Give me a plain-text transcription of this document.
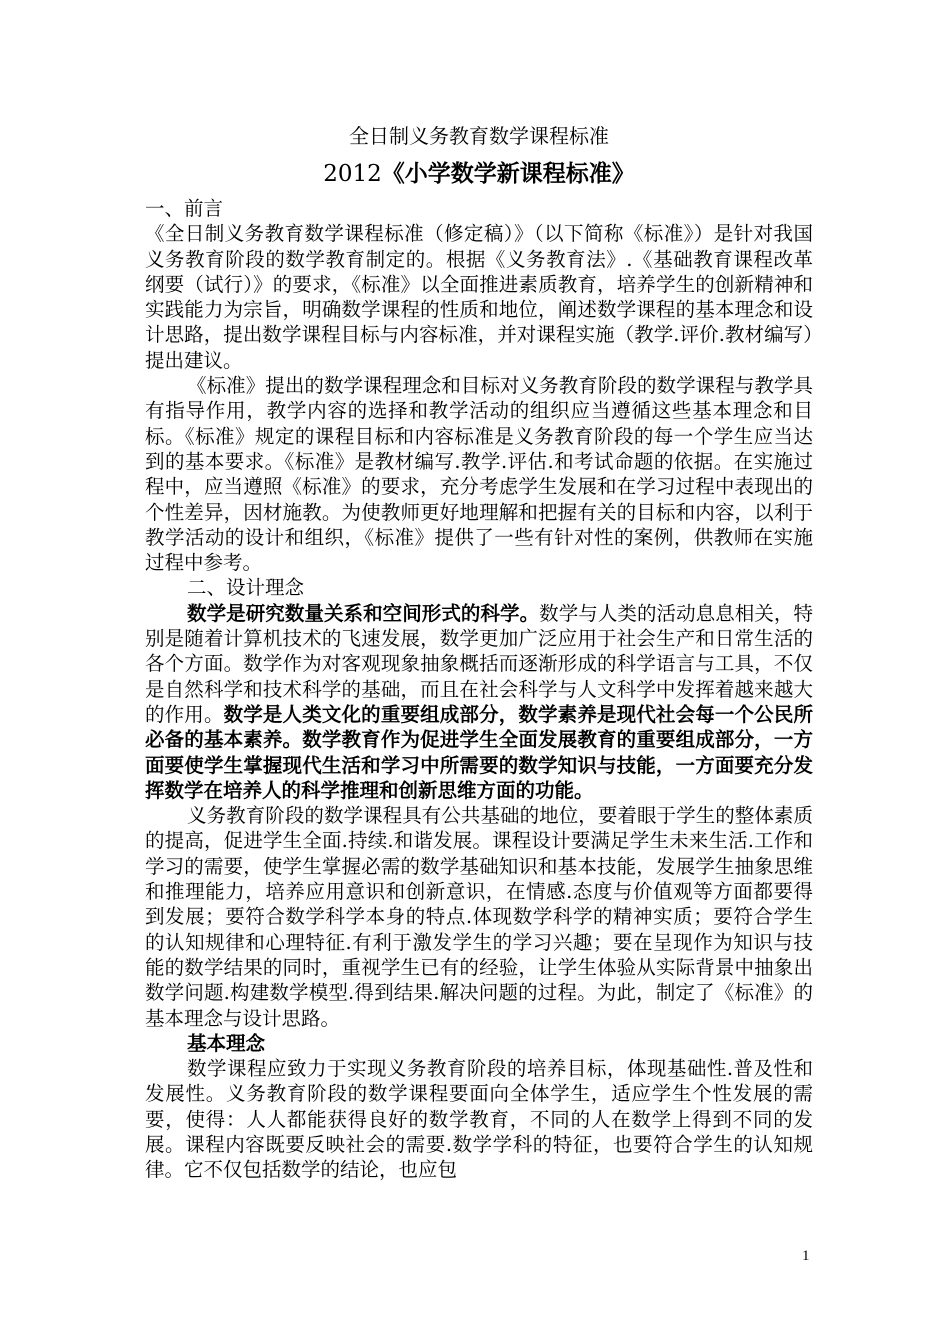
全日制义务教育数学课程标准
2012《小学数学新课程标准》

一、前言

《全日制义务教育数学课程标准（修定稿）》（以下简称《标准》）是针对我国义务教育阶段的数学教育制定的。根据《义务教育法》.《基础教育课程改革纲要（试行）》的要求，《标准》以全面推进素质教育，培养学生的创新精神和实践能力为宗旨，明确数学课程的性质和地位，阐述数学课程的基本理念和设计思路，提出数学课程目标与内容标准，并对课程实施（教学.评价.教材编写）提出建议。

《标准》提出的数学课程理念和目标对义务教育阶段的数学课程与教学具有指导作用，教学内容的选择和教学活动的组织应当遵循这些基本理念和目标。《标准》规定的课程目标和内容标准是义务教育阶段的每一个学生应当达到的基本要求。《标准》是教材编写.教学.评估.和考试命题的依据。在实施过程中，应当遵照《标准》的要求，充分考虑学生发展和在学习过程中表现出的个性差异，因材施教。为使教师更好地理解和把握有关的目标和内容，以利于教学活动的设计和组织，《标准》提供了一些有针对性的案例，供教师在实施过程中参考。

二、设计理念

数学是研究数量关系和空间形式的科学。数学与人类的活动息息相关，特别是随着计算机技术的飞速发展，数学更加广泛应用于社会生产和日常生活的各个方面。数学作为对客观现象抽象概括而逐渐形成的科学语言与工具，不仅是自然科学和技术科学的基础，而且在社会科学与人文科学中发挥着越来越大的作用。数学是人类文化的重要组成部分，数学素养是现代社会每一个公民所必备的基本素养。数学教育作为促进学生全面发展教育的重要组成部分，一方面要使学生掌握现代生活和学习中所需要的数学知识与技能，一方面要充分发挥数学在培养人的科学推理和创新思维方面的功能。

义务教育阶段的数学课程具有公共基础的地位，要着眼于学生的整体素质的提高，促进学生全面.持续.和谐发展。课程设计要满足学生未来生活.工作和学习的需要，使学生掌握必需的数学基础知识和基本技能，发展学生抽象思维和推理能力，培养应用意识和创新意识，在情感.态度与价值观等方面都要得到发展；要符合数学科学本身的特点.体现数学科学的精神实质；要符合学生的认知规律和心理特征.有利于激发学生的学习兴趣；要在呈现作为知识与技能的数学结果的同时，重视学生已有的经验，让学生体验从实际背景中抽象出数学问题.构建数学模型.得到结果.解决问题的过程。为此，制定了《标准》的基本理念与设计思路。

基本理念

数学课程应致力于实现义务教育阶段的培养目标，体现基础性.普及性和发展性。义务教育阶段的数学课程要面向全体学生，适应学生个性发展的需要，使得：人人都能获得良好的数学教育，不同的人在数学上得到不同的发展。课程内容既要反映社会的需要.数学学科的特征，也要符合学生的认知规律。它不仅包括数学的结论，也应包

1
